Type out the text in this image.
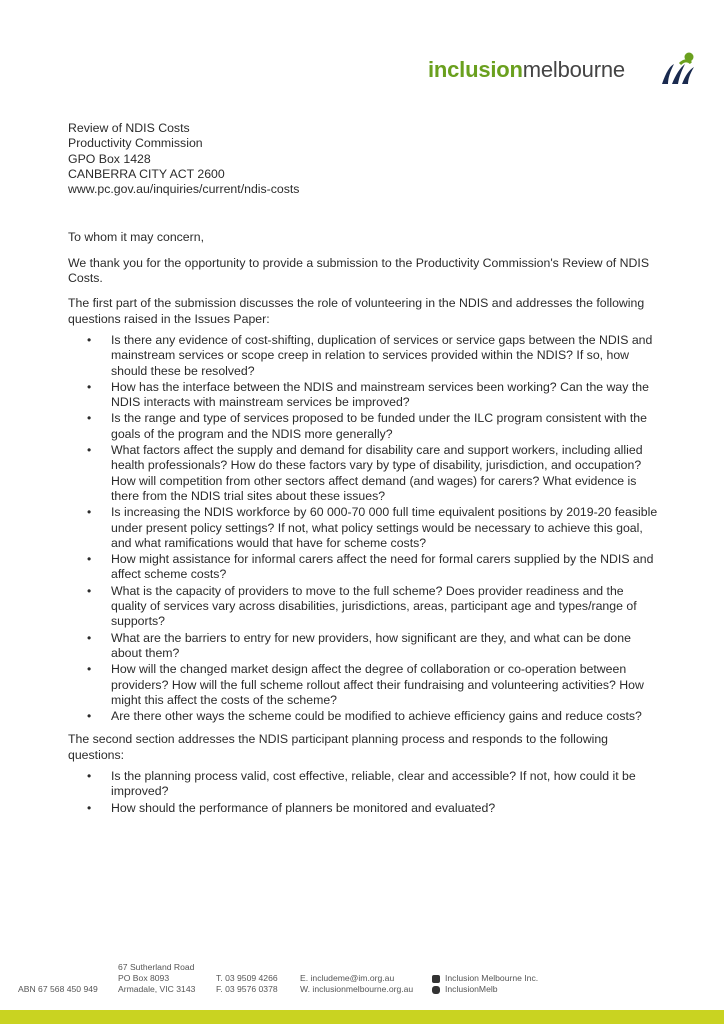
inclusionmelbourne
Review of NDIS Costs
Productivity Commission
GPO Box 1428
CANBERRA CITY ACT 2600
www.pc.gov.au/inquiries/current/ndis-costs

To whom it may concern,

We thank you for the opportunity to provide a submission to the Productivity Commission's Review of NDIS Costs.

The first part of the submission discusses the role of volunteering in the NDIS and addresses the following questions raised in the Issues Paper:

• Is there any evidence of cost-shifting, duplication of services or service gaps between the NDIS and mainstream services or scope creep in relation to services provided within the NDIS? If so, how should these be resolved?
• How has the interface between the NDIS and mainstream services been working? Can the way the NDIS interacts with mainstream services be improved?
• Is the range and type of services proposed to be funded under the ILC program consistent with the goals of the program and the NDIS more generally?
• What factors affect the supply and demand for disability care and support workers, including allied health professionals? How do these factors vary by type of disability, jurisdiction, and occupation? How will competition from other sectors affect demand (and wages) for carers? What evidence is there from the NDIS trial sites about these issues?
• Is increasing the NDIS workforce by 60 000-70 000 full time equivalent positions by 2019-20 feasible under present policy settings? If not, what policy settings would be necessary to achieve this goal, and what ramifications would that have for scheme costs?
• How might assistance for informal carers affect the need for formal carers supplied by the NDIS and affect scheme costs?
• What is the capacity of providers to move to the full scheme? Does provider readiness and the quality of services vary across disabilities, jurisdictions, areas, participant age and types/range of supports?
• What are the barriers to entry for new providers, how significant are they, and what can be done about them?
• How will the changed market design affect the degree of collaboration or co-operation between providers? How will the full scheme rollout affect their fundraising and volunteering activities? How might this affect the costs of the scheme?
• Are there other ways the scheme could be modified to achieve efficiency gains and reduce costs?

The second section addresses the NDIS participant planning process and responds to the following questions:

• Is the planning process valid, cost effective, reliable, clear and accessible? If not, how could it be improved?
• How should the performance of planners be monitored and evaluated?
ABN 67 568 450 949
67 Sutherland Road
PO Box 8093
Armadale, VIC 3143
T. 03 9509 4266
F. 03 9576 0378
E. includeme@im.org.au
W. inclusionmelbourne.org.au
Inclusion Melbourne Inc.
InclusionMelb
